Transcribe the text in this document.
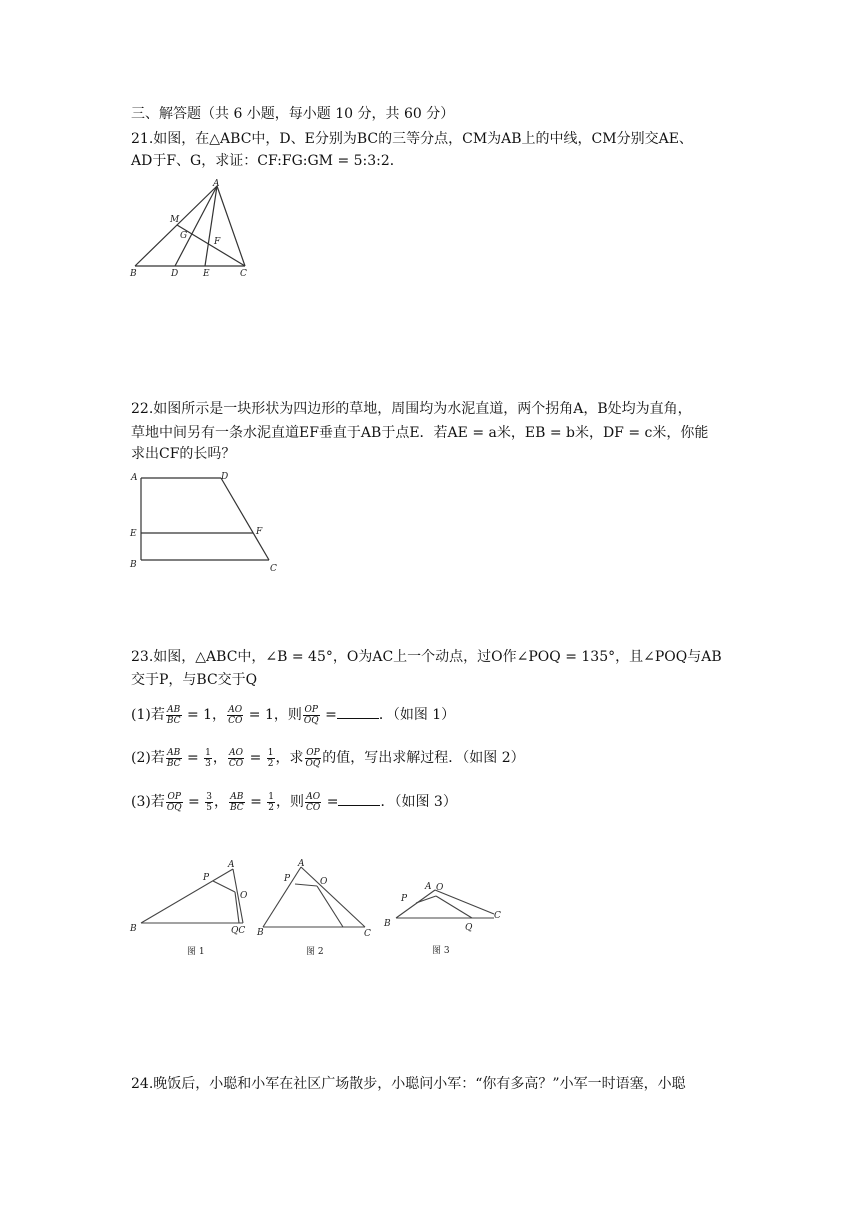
三、解答题（共 6 小题，每小题 10 分，共 60 分）
21.如图，在△ABC中，D、E分别为BC的三等分点，CM为AB上的中线，CM分别交AE、
AD于F、G，求证：CF:FG:GM = 5:3:2．
A
M
G
F
B	D	E	C
22.如图所示是一块形状为四边形的草地，周围均为水泥直道，两个拐角A，B处均为直角，
草地中间另有一条水泥直道EF垂直于AB于点E．若AE = a米，EB = b米，DF = c米，你能
求出CF的长吗？
A	D
E	F
B	C
23.如图，△ABC中，∠B = 45°，O为AC上一个动点，过O作∠POQ = 135°，且∠POQ与AB
交于P，与BC交于Q
(1)若 $\frac{AB}{BC} = 1$， $\frac{AO}{CO} = 1$，则 $\frac{OP}{OQ}$ =	．（如图 1）
(2)若 $\frac{AB}{BC} = \frac{1}{3}$ ， $\frac{AO}{CO} = \frac{1}{2}$ ，求 $\frac{OP}{OQ}$ 的值，写出求解过程．（如图 2）
(3)若 $\frac{OP}{OQ} = \frac{3}{5}$ ， $\frac{AB}{BC} = \frac{1}{2}$ ，则 $\frac{AO}{CO}$ =	．（如图 3）
A
P
O
B	QC
图 1
A
P	O
B	C
图 2
A O
P
C
B	Q
图 3
24.晚饭后，小聪和小军在社区广场散步，小聪问小军：“你有多高？”小军一时语塞，小聪
